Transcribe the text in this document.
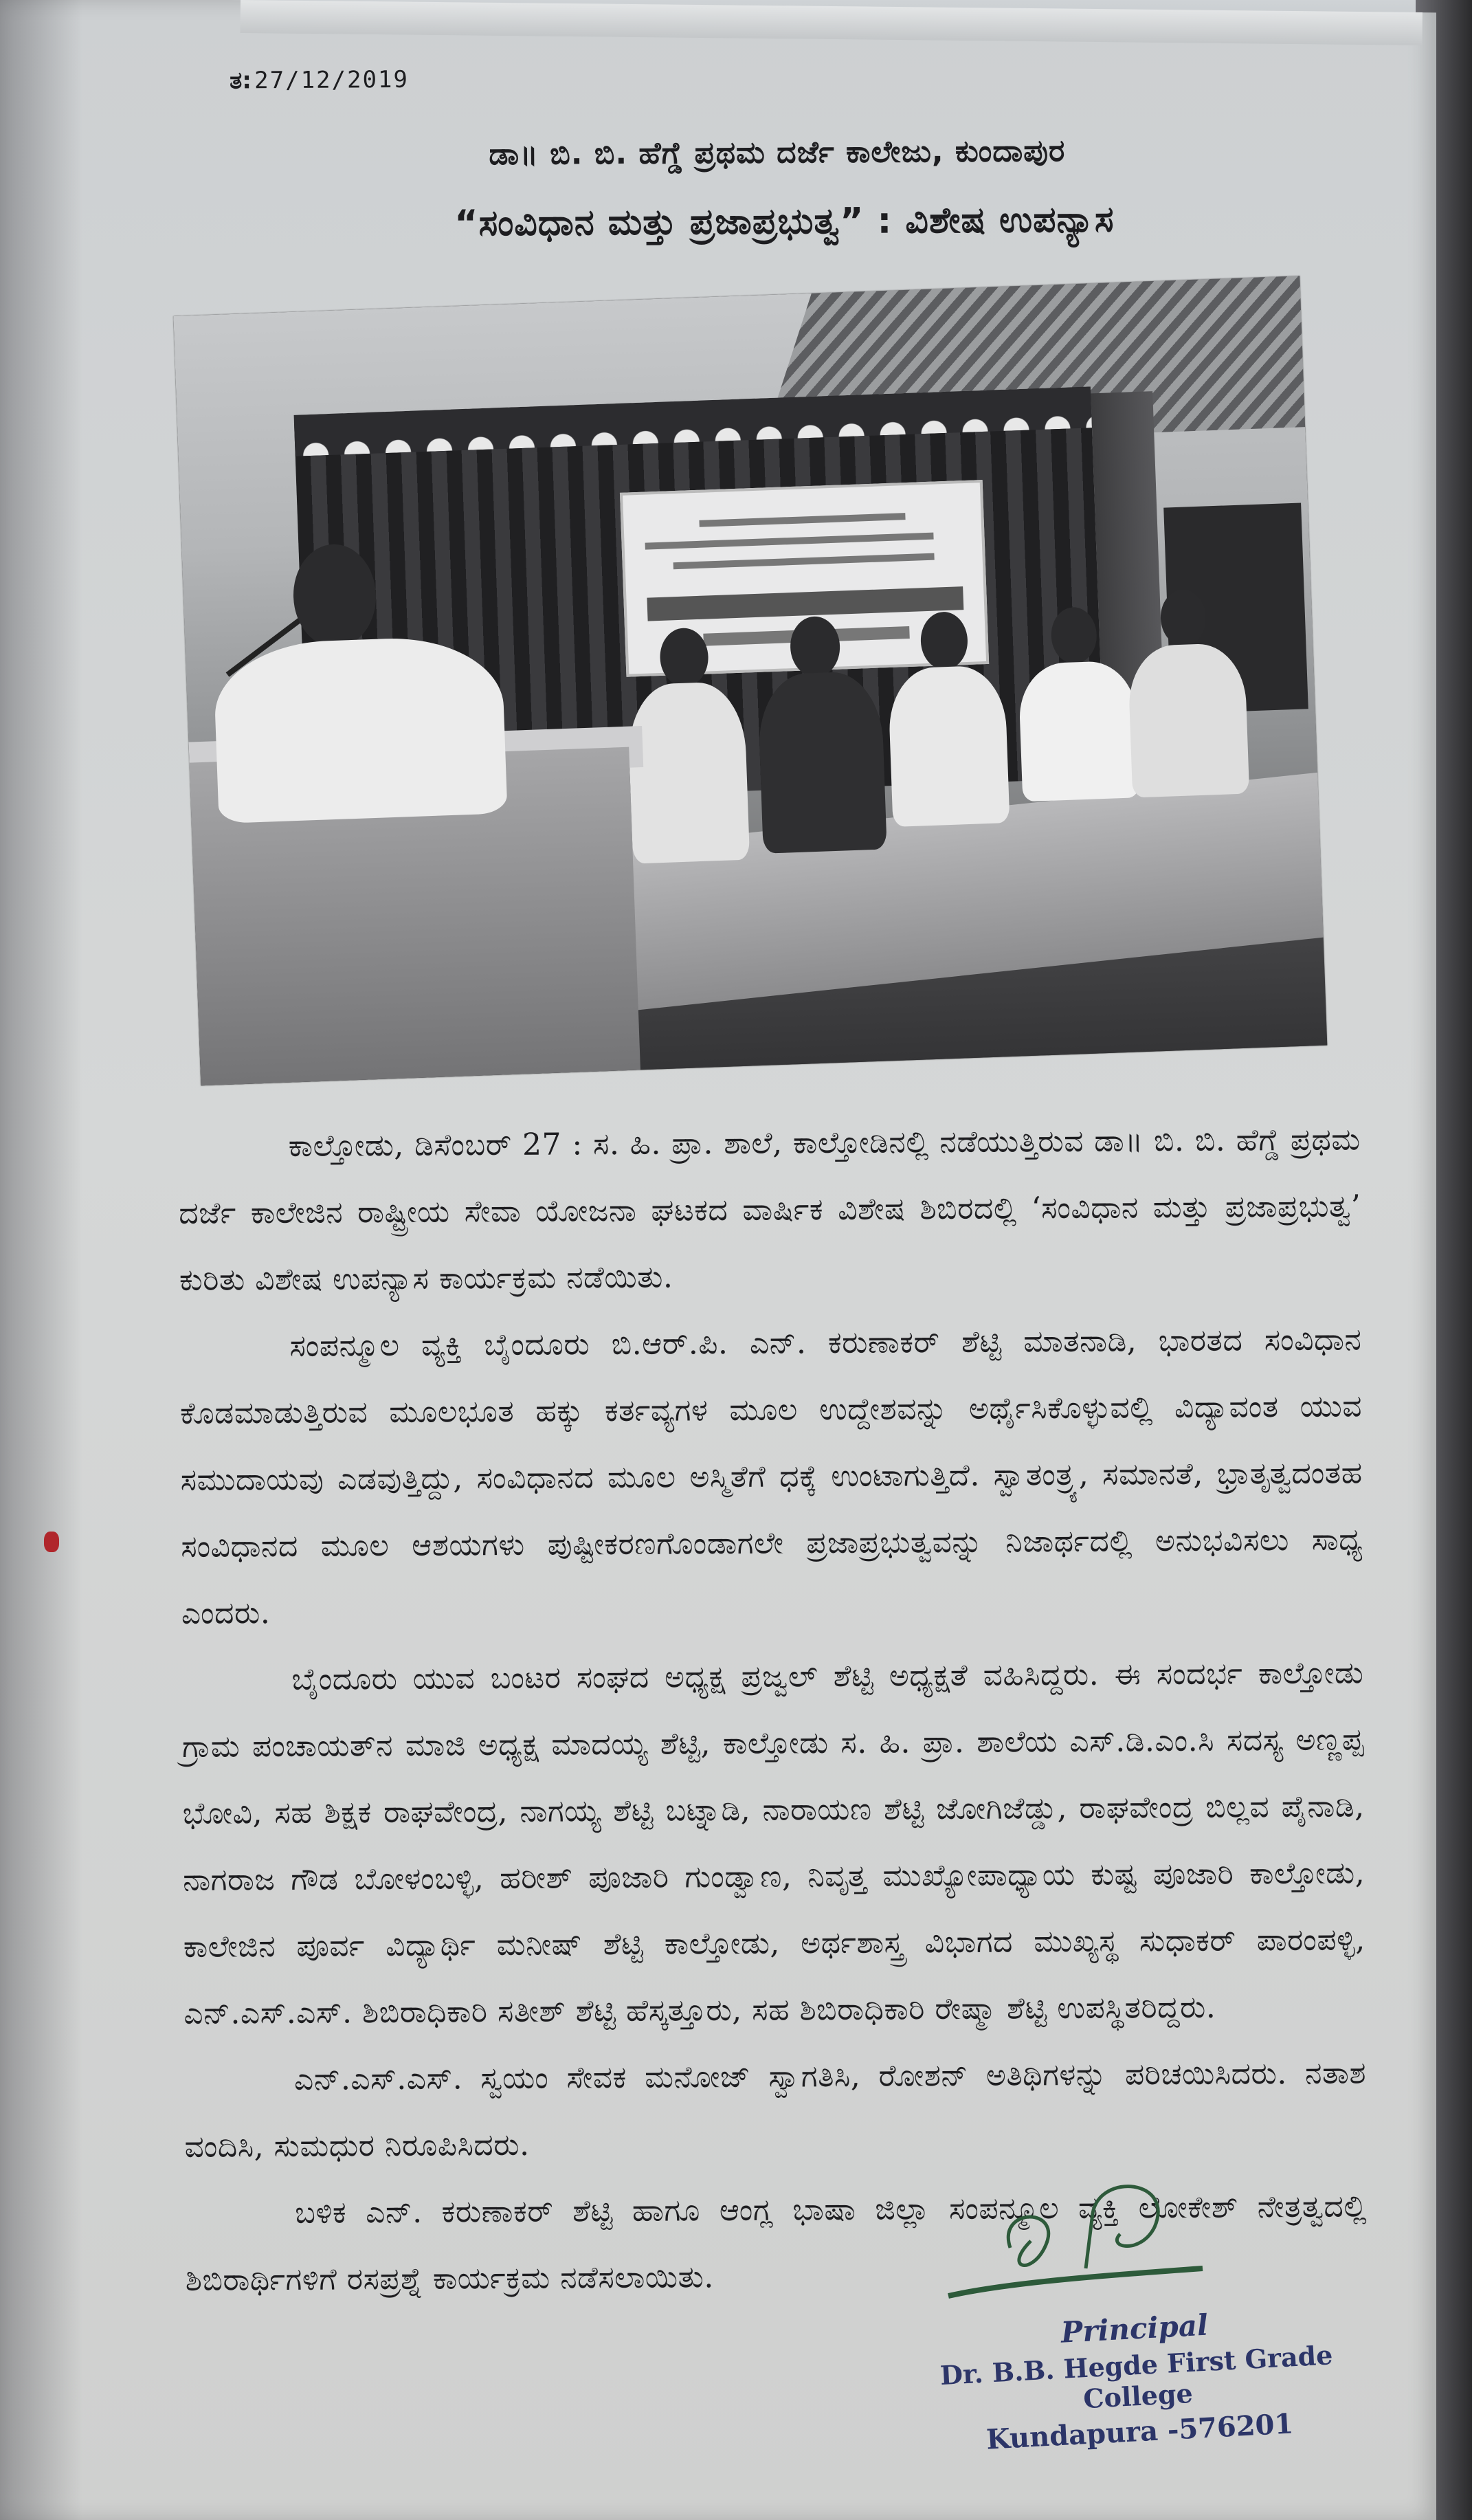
ತ: 27/12/2019
ಡಾ॥ ಬಿ. ಬಿ. ಹೆಗ್ಡೆ ಪ್ರಥಮ ದರ್ಜೆ ಕಾಲೇಜು, ಕುಂದಾಪುರ
“ಸಂವಿಧಾನ ಮತ್ತು ಪ್ರಜಾಪ್ರಭುತ್ವ” : ವಿಶೇಷ ಉಪನ್ಯಾಸ

ಕಾಲ್ತೋಡು, ಡಿಸೆಂಬರ್ 27 : ಸ. ಹಿ. ಪ್ರಾ. ಶಾಲೆ, ಕಾಲ್ತೋಡಿನಲ್ಲಿ ನಡೆಯುತ್ತಿರುವ ಡಾ॥ ಬಿ. ಬಿ. ಹೆಗ್ಡೆ ಪ್ರಥಮ ದರ್ಜೆ ಕಾಲೇಜಿನ ರಾಷ್ಟ್ರೀಯ ಸೇವಾ ಯೋಜನಾ ಘಟಕದ ವಾರ್ಷಿಕ ವಿಶೇಷ ಶಿಬಿರದಲ್ಲಿ ‘ಸಂವಿಧಾನ ಮತ್ತು ಪ್ರಜಾಪ್ರಭುತ್ವ’ ಕುರಿತು ವಿಶೇಷ ಉಪನ್ಯಾಸ ಕಾರ್ಯಕ್ರಮ ನಡೆಯಿತು.

ಸಂಪನ್ಮೂಲ ವ್ಯಕ್ತಿ ಬೈಂದೂರು ಬಿ.ಆರ್.ಪಿ. ಎನ್. ಕರುಣಾಕರ್ ಶೆಟ್ಟಿ ಮಾತನಾಡಿ, ಭಾರತದ ಸಂವಿಧಾನ ಕೊಡಮಾಡುತ್ತಿರುವ ಮೂಲಭೂತ ಹಕ್ಕು ಕರ್ತವ್ಯಗಳ ಮೂಲ ಉದ್ದೇಶವನ್ನು ಅರ್ಥೈಸಿಕೊಳ್ಳುವಲ್ಲಿ ವಿದ್ಯಾವಂತ ಯುವ ಸಮುದಾಯವು ಎಡವುತ್ತಿದ್ದು, ಸಂವಿಧಾನದ ಮೂಲ ಅಸ್ಮಿತೆಗೆ ಧಕ್ಕೆ ಉಂಟಾಗುತ್ತಿದೆ. ಸ್ವಾತಂತ್ರ್ಯ, ಸಮಾನತೆ, ಭ್ರಾತೃತ್ವದಂತಹ ಸಂವಿಧಾನದ ಮೂಲ ಆಶಯಗಳು ಪುಷ್ಟೀಕರಣಗೊಂಡಾಗಲೇ ಪ್ರಜಾಪ್ರಭುತ್ವವನ್ನು ನಿಜಾರ್ಥದಲ್ಲಿ ಅನುಭವಿಸಲು ಸಾಧ್ಯ ಎಂದರು.

ಬೈಂದೂರು ಯುವ ಬಂಟರ ಸಂಘದ ಅಧ್ಯಕ್ಷ ಪ್ರಜ್ವಲ್ ಶೆಟ್ಟಿ ಅಧ್ಯಕ್ಷತೆ ವಹಿಸಿದ್ದರು. ಈ ಸಂದರ್ಭ ಕಾಲ್ತೋಡು ಗ್ರಾಮ ಪಂಚಾಯತ್‌ನ ಮಾಜಿ ಅಧ್ಯಕ್ಷ ಮಾದಯ್ಯ ಶೆಟ್ಟಿ, ಕಾಲ್ತೋಡು ಸ. ಹಿ. ಪ್ರಾ. ಶಾಲೆಯ ಎಸ್.ಡಿ.ಎಂ.ಸಿ ಸದಸ್ಯ ಅಣ್ಣಪ್ಪ ಭೋವಿ, ಸಹ ಶಿಕ್ಷಕ ರಾಘವೇಂದ್ರ, ನಾಗಯ್ಯ ಶೆಟ್ಟಿ ಬಟ್ನಾಡಿ, ನಾರಾಯಣ ಶೆಟ್ಟಿ ಜೋಗಿಜೆಡ್ಡು, ರಾಘವೇಂದ್ರ ಬಿಲ್ಲವ ಪೈನಾಡಿ, ನಾಗರಾಜ ಗೌಡ ಬೋಳಂಬಳ್ಳಿ, ಹರೀಶ್ ಪೂಜಾರಿ ಗುಂಡ್ವಾಣ, ನಿವೃತ್ತ ಮುಖ್ಯೋಪಾಧ್ಯಾಯ ಕುಷ್ಟ ಪೂಜಾರಿ ಕಾಲ್ತೋಡು, ಕಾಲೇಜಿನ ಪೂರ್ವ ವಿದ್ಯಾರ್ಥಿ ಮನೀಷ್ ಶೆಟ್ಟಿ ಕಾಲ್ತೋಡು, ಅರ್ಥಶಾಸ್ತ್ರ ವಿಭಾಗದ ಮುಖ್ಯಸ್ಥ ಸುಧಾಕರ್ ಪಾರಂಪಳ್ಳಿ, ಎನ್.ಎಸ್.ಎಸ್. ಶಿಬಿರಾಧಿಕಾರಿ ಸತೀಶ್ ಶೆಟ್ಟಿ ಹೆಸ್ಕತ್ತೂರು, ಸಹ ಶಿಬಿರಾಧಿಕಾರಿ ರೇಷ್ಮಾ ಶೆಟ್ಟಿ ಉಪಸ್ಥಿತರಿದ್ದರು.

ಎನ್.ಎಸ್.ಎಸ್. ಸ್ವಯಂ ಸೇವಕ ಮನೋಜ್ ಸ್ವಾಗತಿಸಿ, ರೋಶನ್ ಅತಿಥಿಗಳನ್ನು ಪರಿಚಯಿಸಿದರು. ನತಾಶ ವಂದಿಸಿ, ಸುಮಧುರ ನಿರೂಪಿಸಿದರು.

ಬಳಿಕ ಎನ್. ಕರುಣಾಕರ್ ಶೆಟ್ಟಿ ಹಾಗೂ ಆಂಗ್ಲ ಭಾಷಾ ಜಿಲ್ಲಾ ಸಂಪನ್ಮೂಲ ವ್ಯಕ್ತಿ ಲೋಕೇಶ್ ನೇತ್ರತ್ವದಲ್ಲಿ ಶಿಬಿರಾರ್ಥಿಗಳಿಗೆ ರಸಪ್ರಶ್ನೆ ಕಾರ್ಯಕ್ರಮ ನಡೆಸಲಾಯಿತು.

Principal
Dr. B.B. Hegde First Grade College
Kundapura -576201
